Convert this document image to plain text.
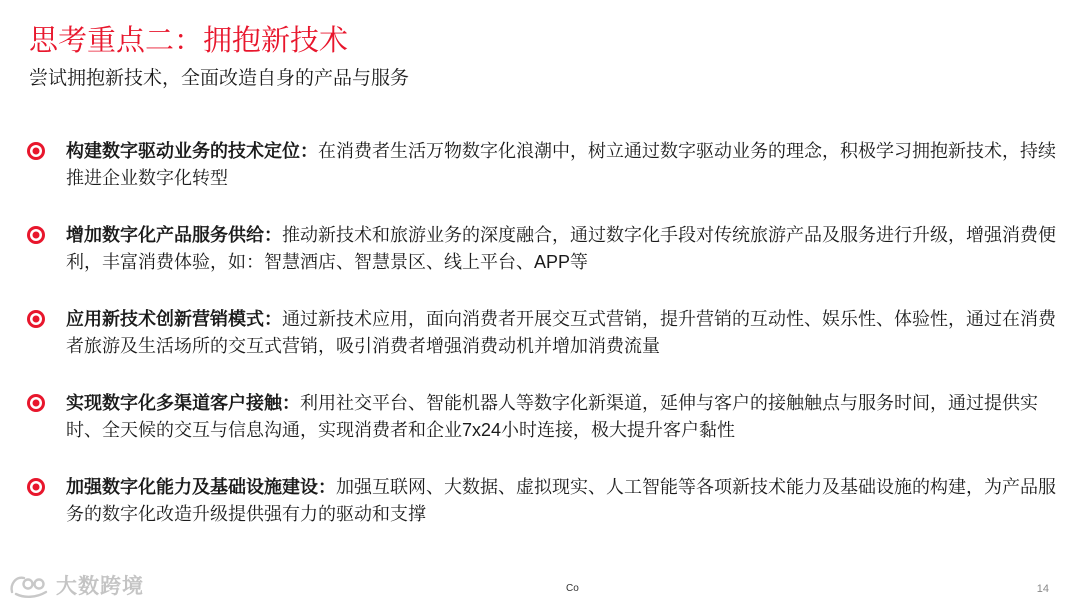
思考重点二：拥抱新技术
尝试拥抱新技术，全面改造自身的产品与服务
构建数字驱动业务的技术定位：在消费者生活万物数字化浪潮中，树立通过数字驱动业务的理念，积极学习拥抱新技术，持续推进企业数字化转型
增加数字化产品服务供给：推动新技术和旅游业务的深度融合，通过数字化手段对传统旅游产品及服务进行升级，增强消费便利，丰富消费体验，如：智慧酒店、智慧景区、线上平台、APP等
应用新技术创新营销模式：通过新技术应用，面向消费者开展交互式营销，提升营销的互动性、娱乐性、体验性，通过在消费者旅游及生活场所的交互式营销，吸引消费者增强消费动机并增加消费流量
实现数字化多渠道客户接触：利用社交平台、智能机器人等数字化新渠道，延伸与客户的接触触点与服务时间，通过提供实时、全天候的交互与信息沟通，实现消费者和企业7x24小时连接，极大提升客户黏性
加强数字化能力及基础设施建设：加强互联网、大数据、虚拟现实、人工智能等各项新技术能力及基础设施的构建，为产品服务的数字化改造升级提供强有力的驱动和支撑
大数跨境	Co	14
